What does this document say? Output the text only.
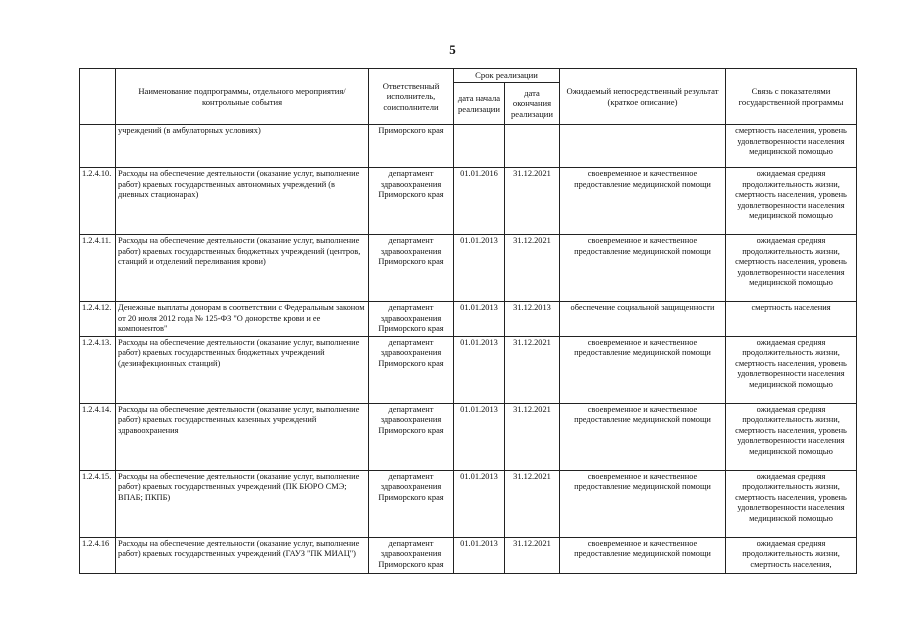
5
	Наименование подпрограммы, отдельного мероприятия/контрольные события	Ответственный исполнитель, соисполнители	Срок реализации		Ожидаемый непосредственный результат (краткое описание)	Связь с показателями государственной программы
			дата начала реализации	дата окончания реализации		
	учреждений (в амбулаторных условиях)	Приморского края				смертность населения, уровень удовлетворенности населения медицинской помощью
1.2.4.10.	Расходы на обеспечение деятельности (оказание услуг, выполнение работ) краевых государственных автономных учреждений (в дневных стационарах)	департамент здравоохранения Приморского края	01.01.2016	31.12.2021	своевременное и качественное предоставление медицинской помощи	ожидаемая средняя продолжительность жизни, смертность населения, уровень удовлетворенности населения медицинской помощью
1.2.4.11.	Расходы на обеспечение деятельности (оказание услуг, выполнение работ) краевых государственных бюджетных учреждений (центров, станций и отделений переливания крови)	департамент здравоохранения Приморского края	01.01.2013	31.12.2021	своевременное и качественное предоставление медицинской помощи	ожидаемая средняя продолжительность жизни, смертность населения, уровень удовлетворенности населения медицинской помощью
1.2.4.12.	Денежные выплаты донорам в соответствии с Федеральным законом от 20 июля 2012 года № 125-ФЗ "О донорстве крови и ее компонентов"	департамент здравоохранения Приморского края	01.01.2013	31.12.2013	обеспечение социальной защищенности	смертность населения
1.2.4.13.	Расходы на обеспечение деятельности (оказание услуг, выполнение работ) краевых государственных бюджетных учреждений (дезинфекционных станций)	департамент здравоохранения Приморского края	01.01.2013	31.12.2021	своевременное и качественное предоставление медицинской помощи	ожидаемая средняя продолжительность жизни, смертность населения, уровень удовлетворенности населения медицинской помощью
1.2.4.14.	Расходы на обеспечение деятельности (оказание услуг, выполнение работ) краевых государственных казенных учреждений здравоохранения	департамент здравоохранения Приморского края	01.01.2013	31.12.2021	своевременное и качественное предоставление медицинской помощи	ожидаемая средняя продолжительность жизни, смертность населения, уровень удовлетворенности населения медицинской помощью
1.2.4.15.	Расходы на обеспечение деятельности (оказание услуг, выполнение работ) краевых государственных учреждений (ПК БЮРО СМЭ; ВПАБ; ПКПБ)	департамент здравоохранения Приморского края	01.01.2013	31.12.2021	своевременное и качественное предоставление медицинской помощи	ожидаемая средняя продолжительность жизни, смертность населения, уровень удовлетворенности населения медицинской помощью
1.2.4.16	Расходы на обеспечение деятельности (оказание услуг, выполнение работ) краевых государственных учреждений (ГАУЗ "ПК МИАЦ")	департамент здравоохранения Приморского края	01.01.2013	31.12.2021	своевременное и качественное предоставление медицинской помощи	ожидаемая средняя продолжительность жизни, смертность населения,
